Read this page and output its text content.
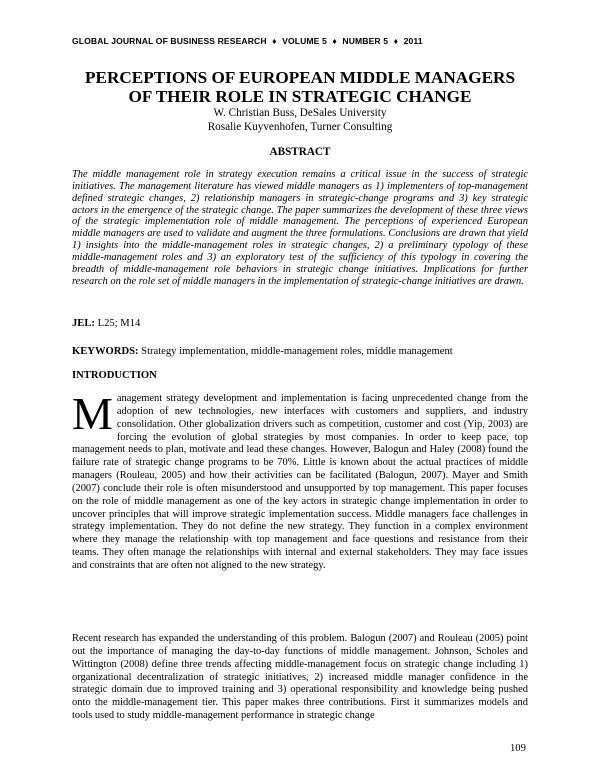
GLOBAL JOURNAL OF BUSINESS RESEARCH ♦ VOLUME 5 ♦ NUMBER 5 ♦ 2011
PERCEPTIONS OF EUROPEAN MIDDLE MANAGERS
OF THEIR ROLE IN STRATEGIC CHANGE
W. Christian Buss, DeSales University
Rosalie Kuyvenhofen, Turner Consulting
ABSTRACT

The middle management role in strategy execution remains a critical issue in the success of strategic initiatives. The management literature has viewed middle managers as 1) implementers of top-management defined strategic changes, 2) relationship managers in strategic-change programs and 3) key strategic actors in the emergence of the strategic change. The paper summarizes the development of these three views of the strategic implementation role of middle management. The perceptions of experienced European middle managers are used to validate and augment the three formulations. Conclusions are drawn that yield 1) insights into the middle-management roles in strategic changes, 2) a preliminary typology of these middle-management roles and 3) an exploratory test of the sufficiency of this typology in covering the breadth of middle-management role behaviors in strategic change initiatives. Implications for further research on the role set of middle managers in the implementation of strategic-change initiatives are drawn.

JEL: L25; M14
KEYWORDS: Strategy implementation, middle-management roles, middle management
INTRODUCTION

Management strategy development and implementation is facing unprecedented change from the adoption of new technologies, new interfaces with customers and suppliers, and industry consolidation. Other globalization drivers such as competition, customer and cost (Yip, 2003) are forcing the evolution of global strategies by most companies. In order to keep pace, top management needs to plan, motivate and lead these changes. However, Balogun and Haley (2008) found the failure rate of strategic change programs to be 70%. Little is known about the actual practices of middle managers (Rouleau, 2005) and how their activities can be facilitated (Balogun, 2007). Mayer and Smith (2007) conclude their role is often misunderstood and unsupported by top management. This paper focuses on the role of middle management as one of the key actors in strategic change implementation in order to uncover principles that will improve strategic implementation success. Middle managers face challenges in strategy implementation. They do not define the new strategy. They function in a complex environment where they manage the relationship with top management and face questions and resistance from their teams. They often manage the relationships with internal and external stakeholders. They may face issues and constraints that are often not aligned to the new strategy.

Recent research has expanded the understanding of this problem. Balogun (2007) and Rouleau (2005) point out the importance of managing the day-to-day functions of middle management. Johnson, Scholes and Wittington (2008) define three trends affecting middle-management focus on strategic change including 1) organizational decentralization of strategic initiatives, 2) increased middle manager confidence in the strategic domain due to improved training and 3) operational responsibility and knowledge being pushed onto the middle-management tier. This paper makes three contributions. First it summarizes models and tools used to study middle-management performance in strategic change

109
